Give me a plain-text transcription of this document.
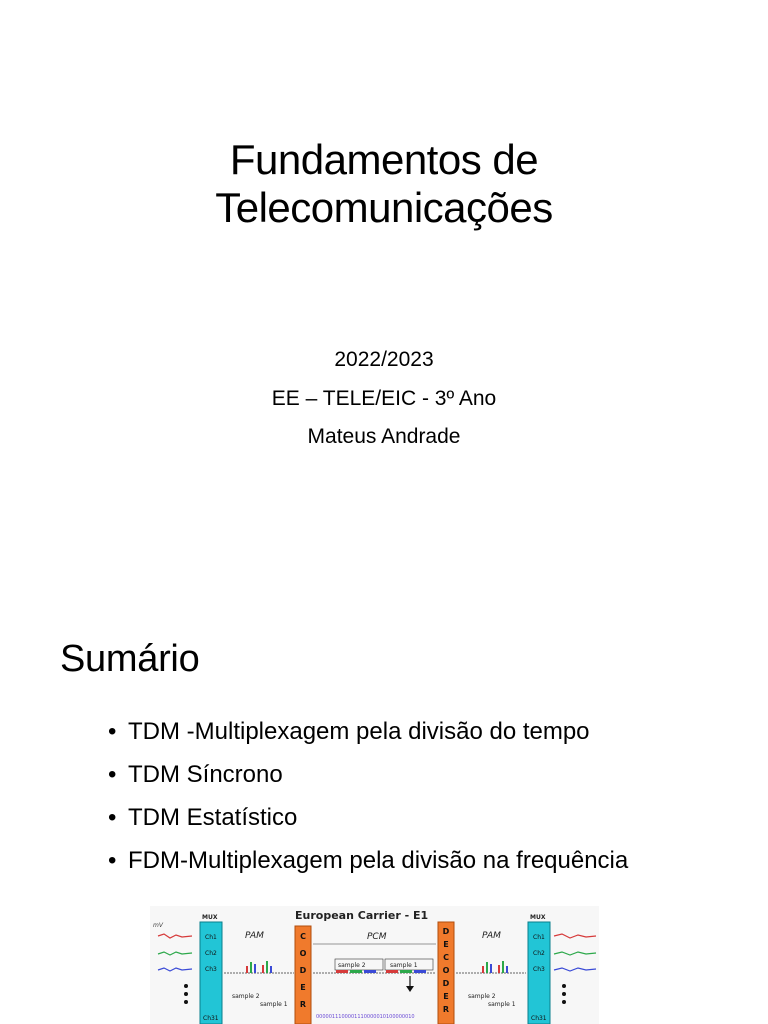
Fundamentos de
Telecomunicações
2022/2023
EE – TELE/EIC - 3º Ano
Mateus Andrade
Sumário
• TDM -Multiplexagem pela divisão do tempo
• TDM Síncrono
• TDM Estatístico
• FDM-Multiplexagem pela divisão na frequência
European Carrier - E1
mV
MUX
Ch1
Ch2
Ch3
Ch31
PAM
sample 2
sample 1
C
O
D
E
R
PCM
sample 2	sample 1
0000011100001110000010100000010
D
E
C
O
D
E
R
PAM
sample 2
sample 1
MUX
Ch1
Ch2
Ch3
Ch31
